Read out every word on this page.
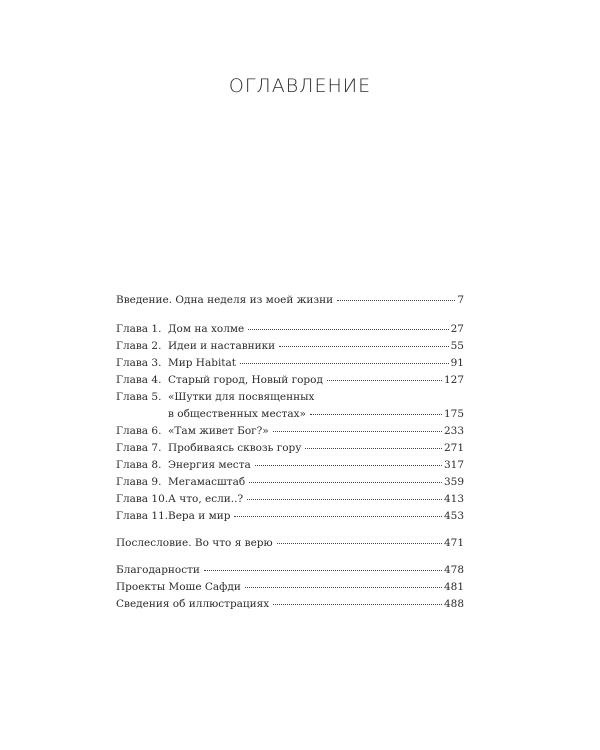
ОГЛАВЛЕНИЕ
Введение. Одна неделя из моей жизни	7
Глава 1. Дом на холме	27
Глава 2. Идеи и наставники	55
Глава 3. Мир Habitat	91
Глава 4. Старый город, Новый город	127
Глава 5. «Шутки для посвященных
в общественных местах»	175
Глава 6. «Там живет Бог?»	233
Глава 7. Пробиваясь сквозь гору	271
Глава 8. Энергия места	317
Глава 9. Мегамасштаб	359
Глава 10. А что, если..?	413
Глава 11. Вера и мир	453
Послесловие. Во что я верю	471
Благодарности	478
Проекты Моше Сафди	481
Сведения об иллюстрациях	488
